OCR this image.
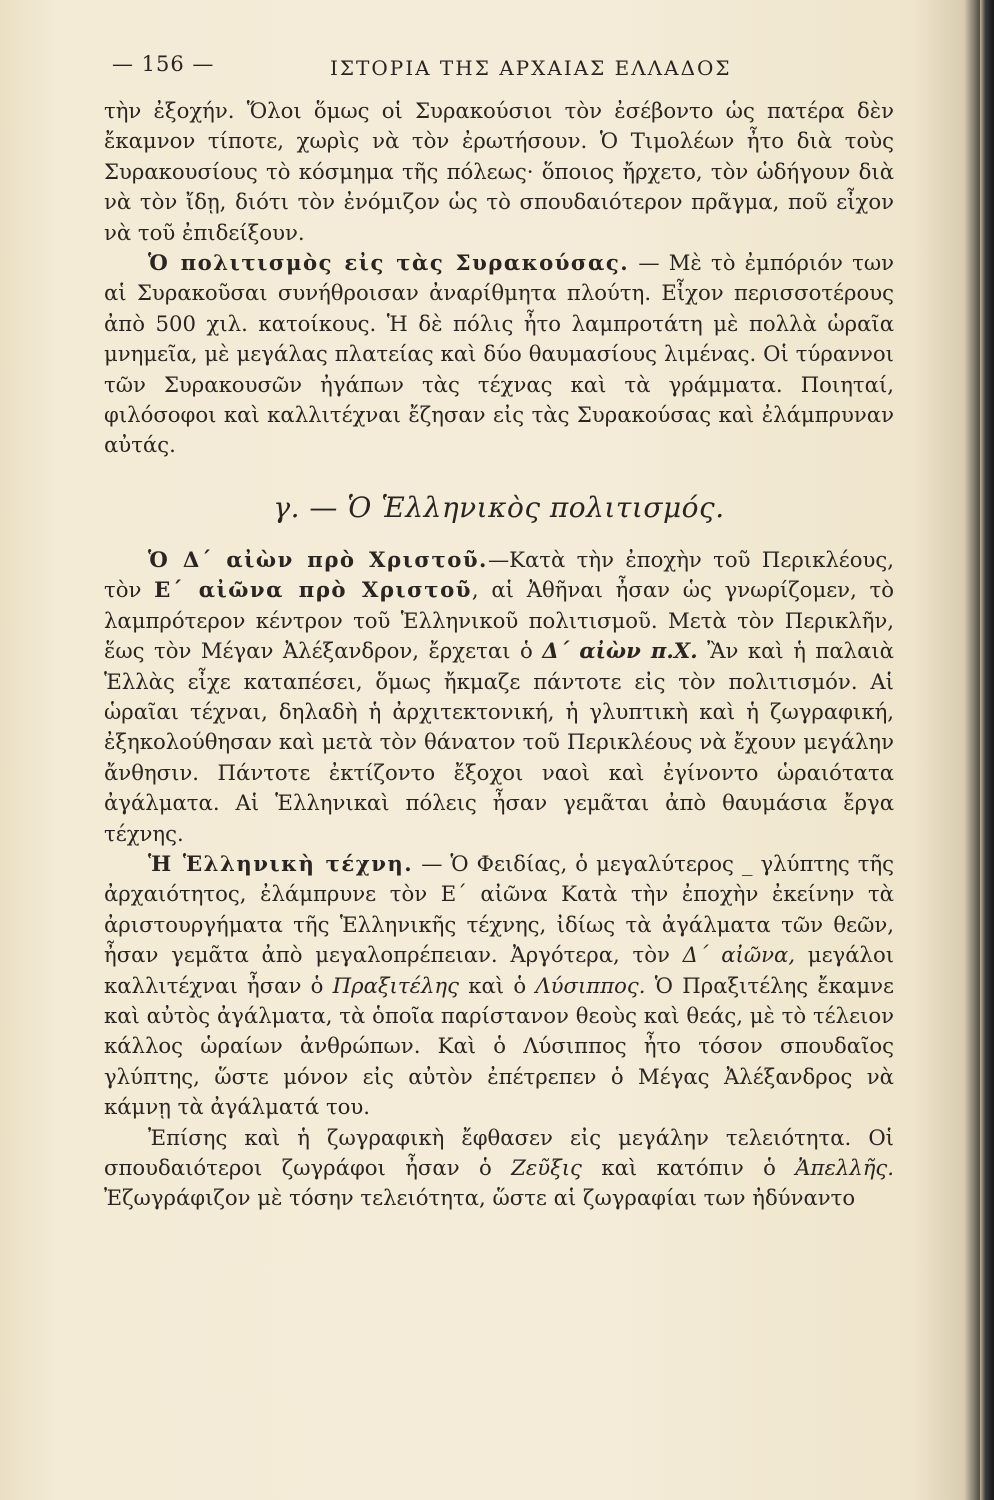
— 156 —	ΙΣΤΟΡΙΑ ΤΗΣ ΑΡΧΑΙΑΣ ΕΛΛΑΔΟΣ

τὴν ἐξοχήν. Ὅλοι ὅμως οἱ Συρακούσιοι τὸν ἐσέβοντο ὡς πατέρα δὲν ἔκαμνον τίποτε, χωρὶς νὰ τὸν ἐρωτήσουν. Ὁ Τιμολέων ἦτο διὰ τοὺς Συρακουσίους τὸ κόσμημα τῆς πόλεως· ὅποιος ἤρχετο, τὸν ὡδήγουν διὰ νὰ τὸν ἴδῃ, διότι τὸν ἐνόμιζον ὡς τὸ σπουδαιότερον πρᾶγμα, ποῦ εἶχον νὰ τοῦ ἐπιδείξουν.

Ὁ πολιτισμὸς εἰς τὰς Συρακούσας. — Μὲ τὸ ἐμπόριόν των αἱ Συρακοῦσαι συνήθροισαν ἀναρίθμητα πλούτη. Εἶχον περισσοτέρους ἀπὸ 500 χιλ. κατοίκους. Ἡ δὲ πόλις ἦτο λαμπροτάτη μὲ πολλὰ ὡραῖα μνημεῖα, μὲ μεγάλας πλατείας καὶ δύο θαυμασίους λιμένας. Οἱ τύραννοι τῶν Συρακουσῶν ἠγάπων τὰς τέχνας καὶ τὰ γράμματα. Ποιηταί, φιλόσοφοι καὶ καλλιτέχναι ἔζησαν εἰς τὰς Συρακούσας καὶ ἐλάμπρυναν αὐτάς.

γ. — Ὁ Ἑλληνικὸς πολιτισμός.

Ὁ Δ΄ αἰὼν πρὸ Χριστοῦ.—Κατὰ τὴν ἐποχὴν τοῦ Περικλέους, τὸν Ε΄ αἰῶνα πρὸ Χριστοῦ, αἱ Ἀθῆναι ἦσαν ὡς γνωρίζομεν, τὸ λαμπρότερον κέντρον τοῦ Ἑλληνικοῦ πολιτισμοῦ. Μετὰ τὸν Περικλῆν, ἕως τὸν Μέγαν Ἀλέξανδρον, ἔρχεται ὁ Δ΄ αἰὼν π.Χ. Ἂν καὶ ἡ παλαιὰ Ἑλλὰς εἶχε καταπέσει, ὅμως ἤκμαζε πάντοτε εἰς τὸν πολιτισμόν. Αἱ ὡραῖαι τέχναι, δηλαδὴ ἡ ἀρχιτεκτονική, ἡ γλυπτικὴ καὶ ἡ ζωγραφική, ἐξηκολούθησαν καὶ μετὰ τὸν θάνατον τοῦ Περικλέους νὰ ἔχουν μεγάλην ἄνθησιν. Πάντοτε ἐκτίζοντο ἔξοχοι ναοὶ καὶ ἐγίνοντο ὡραιότατα ἀγάλματα. Αἱ Ἑλληνικαὶ πόλεις ἦσαν γεμᾶται ἀπὸ θαυμάσια ἔργα τέχνης.

Ἡ Ἑλληνικὴ τέχνη. — Ὁ Φειδίας, ὁ μεγαλύτερος _ γλύπτης τῆς ἀρχαιότητος, ἐλάμπρυνε τὸν Ε΄ αἰῶνα Κατὰ τὴν ἐποχὴν ἐκείνην τὰ ἀριστουργήματα τῆς Ἑλληνικῆς τέχνης, ἰδίως τὰ ἀγάλματα τῶν θεῶν, ἦσαν γεμᾶτα ἀπὸ μεγαλοπρέπειαν. Ἀργότερα, τὸν Δ΄ αἰῶνα, μεγάλοι καλλιτέχναι ἦσαν ὁ Πραξιτέλης καὶ ὁ Λύσιππος. Ὁ Πραξιτέλης ἔκαμνε καὶ αὐτὸς ἀγάλματα, τὰ ὁποῖα παρίστανον θεοὺς καὶ θεάς, μὲ τὸ τέλειον κάλλος ὡραίων ἀνθρώπων. Καὶ ὁ Λύσιππος ἦτο τόσον σπουδαῖος γλύπτης, ὥστε μόνον εἰς αὐτὸν ἐπέτρεπεν ὁ Μέγας Ἀλέξανδρος νὰ κάμνῃ τὰ ἀγάλματά του.

Ἐπίσης καὶ ἡ ζωγραφικὴ ἔφθασεν εἰς μεγάλην τελειότητα. Οἱ σπουδαιότεροι ζωγράφοι ἦσαν ὁ Ζεῦξις καὶ κατόπιν ὁ Ἀπελλῆς. Ἐζωγράφιζον μὲ τόσην τελειότητα, ὥστε αἱ ζωγραφίαι των ἠδύναντο
